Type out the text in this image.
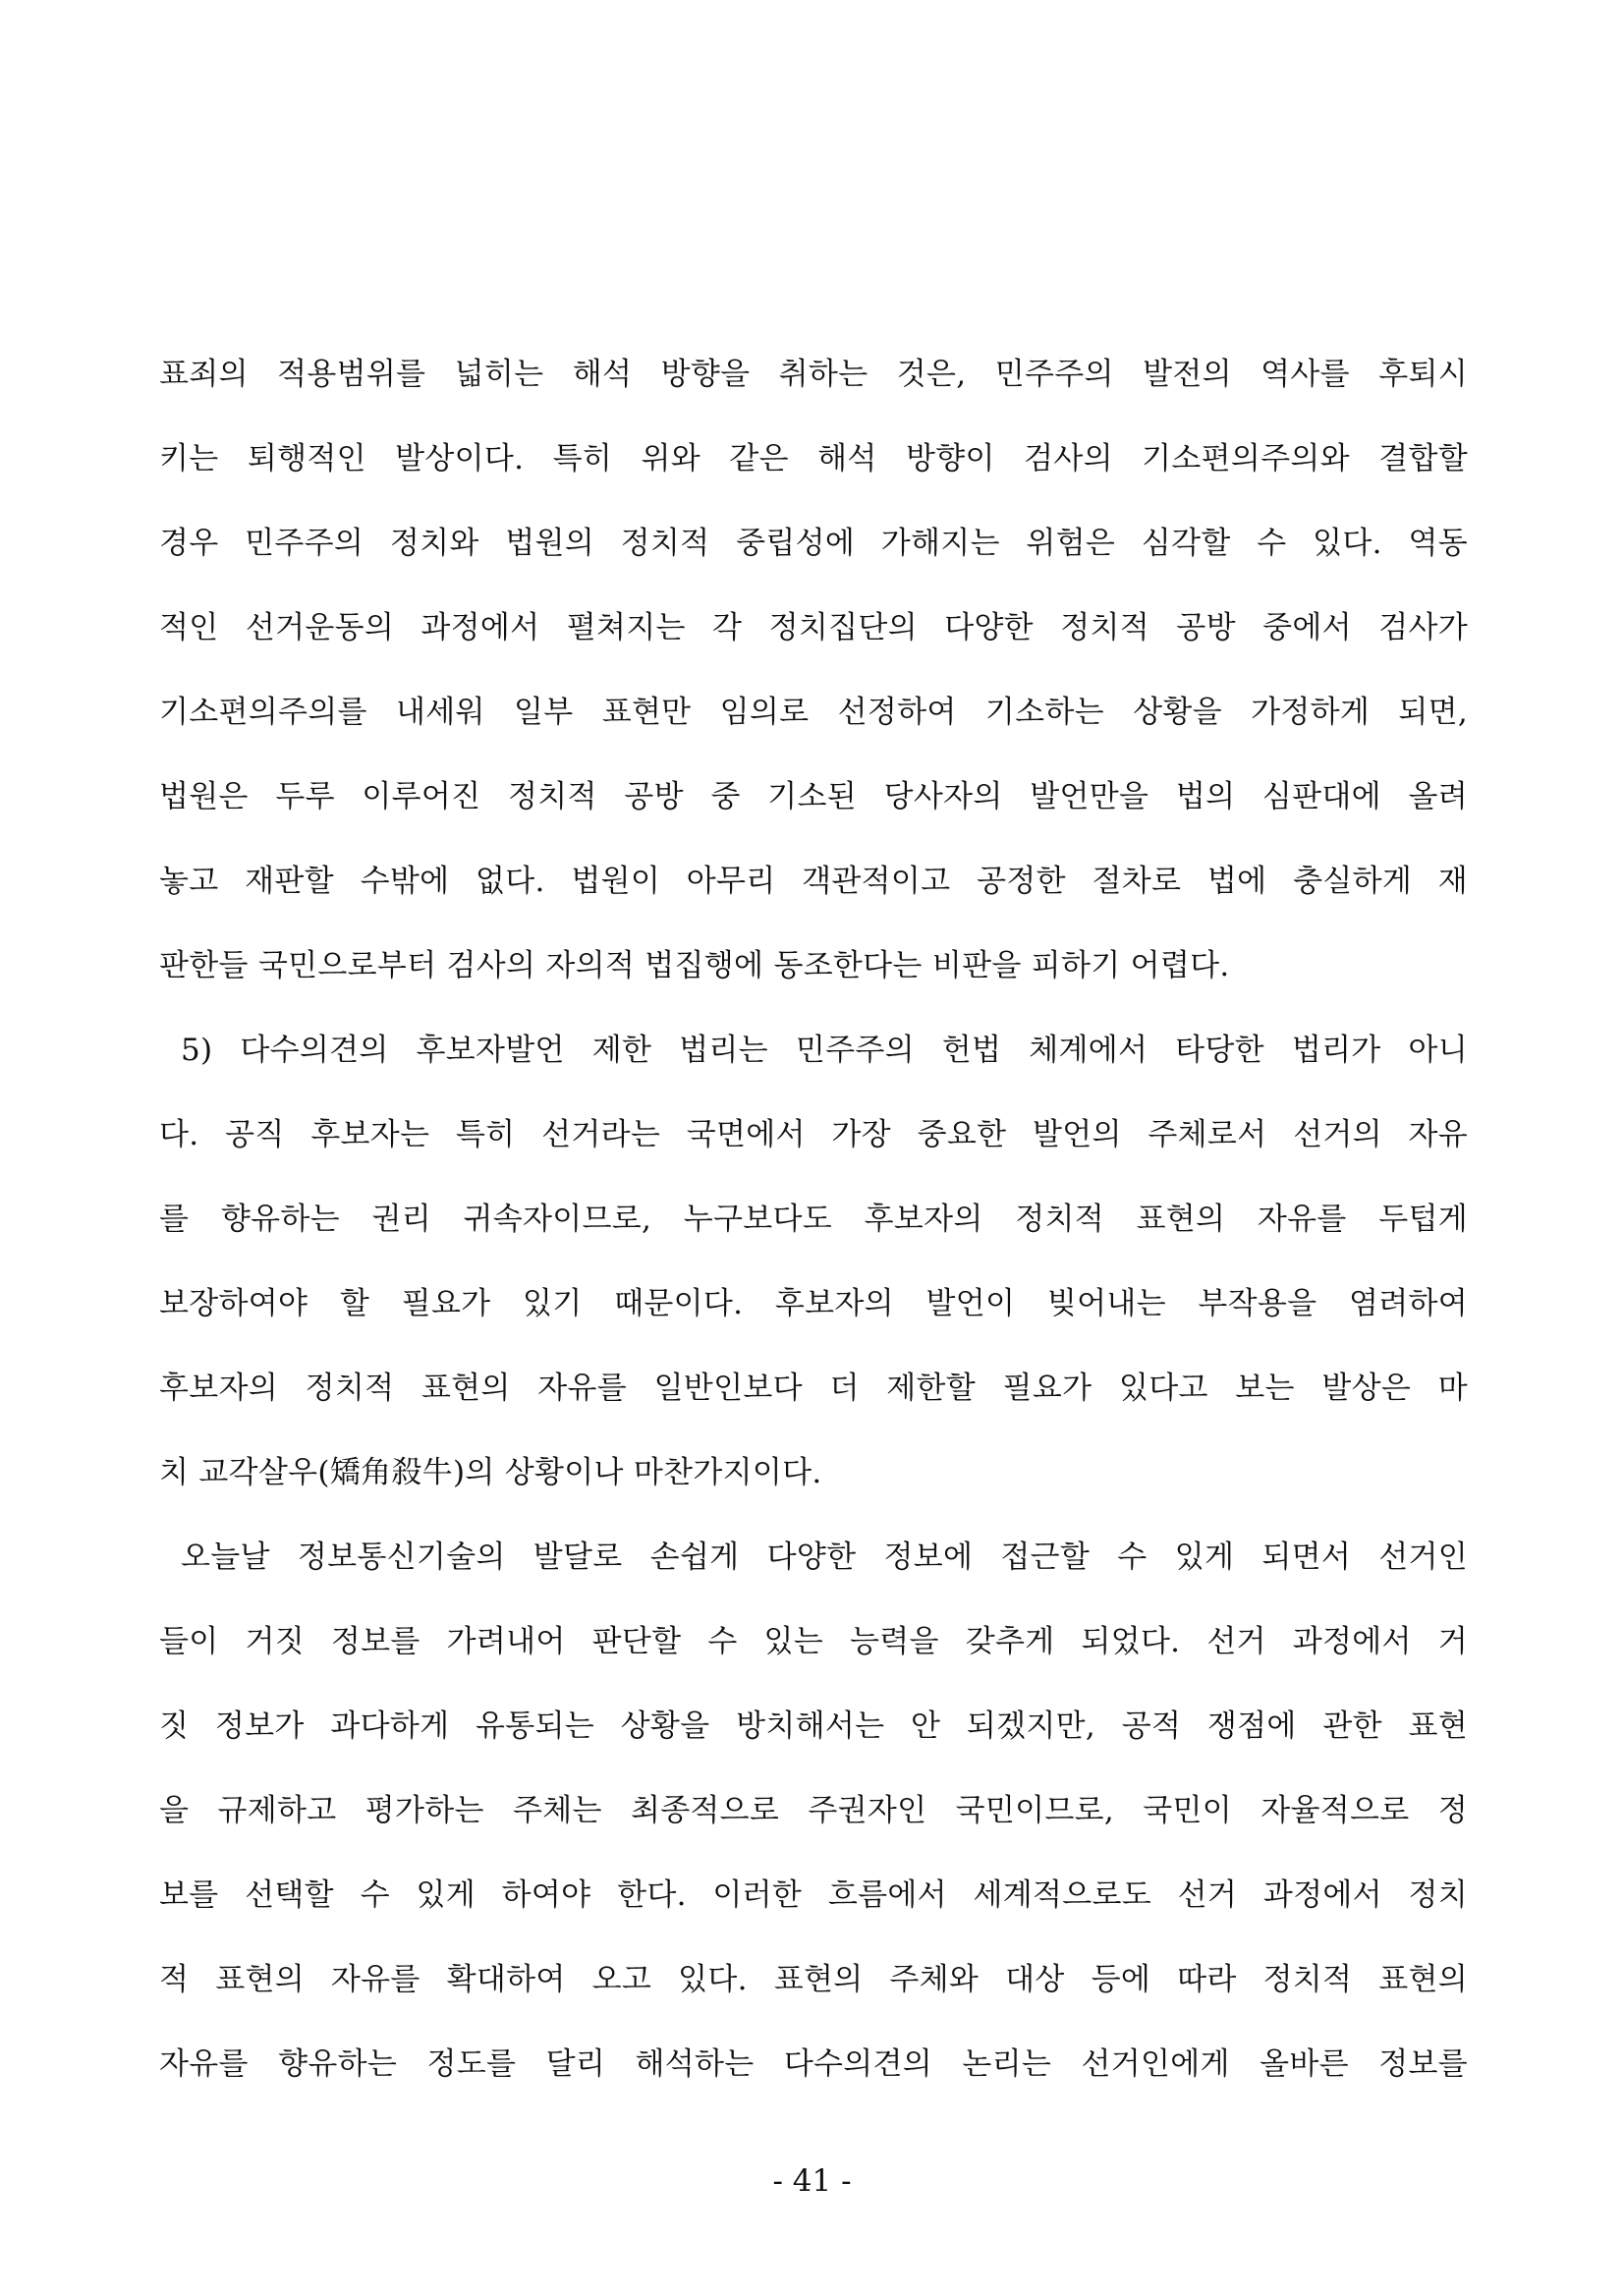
표죄의 적용범위를 넓히는 해석 방향을 취하는 것은, 민주주의 발전의 역사를 후퇴시
키는 퇴행적인 발상이다. 특히 위와 같은 해석 방향이 검사의 기소편의주의와 결합할
경우 민주주의 정치와 법원의 정치적 중립성에 가해지는 위험은 심각할 수 있다. 역동
적인 선거운동의 과정에서 펼쳐지는 각 정치집단의 다양한 정치적 공방 중에서 검사가
기소편의주의를 내세워 일부 표현만 임의로 선정하여 기소하는 상황을 가정하게 되면,
법원은 두루 이루어진 정치적 공방 중 기소된 당사자의 발언만을 법의 심판대에 올려
놓고 재판할 수밖에 없다. 법원이 아무리 객관적이고 공정한 절차로 법에 충실하게 재
판한들 국민으로부터 검사의 자의적 법집행에 동조한다는 비판을 피하기 어렵다.
5) 다수의견의 후보자발언 제한 법리는 민주주의 헌법 체계에서 타당한 법리가 아니
다. 공직 후보자는 특히 선거라는 국면에서 가장 중요한 발언의 주체로서 선거의 자유
를 향유하는 권리 귀속자이므로, 누구보다도 후보자의 정치적 표현의 자유를 두텁게
보장하여야 할 필요가 있기 때문이다. 후보자의 발언이 빚어내는 부작용을 염려하여
후보자의 정치적 표현의 자유를 일반인보다 더 제한할 필요가 있다고 보는 발상은 마
치 교각살우(矯角殺牛)의 상황이나 마찬가지이다.
오늘날 정보통신기술의 발달로 손쉽게 다양한 정보에 접근할 수 있게 되면서 선거인
들이 거짓 정보를 가려내어 판단할 수 있는 능력을 갖추게 되었다. 선거 과정에서 거
짓 정보가 과다하게 유통되는 상황을 방치해서는 안 되겠지만, 공적 쟁점에 관한 표현
을 규제하고 평가하는 주체는 최종적으로 주권자인 국민이므로, 국민이 자율적으로 정
보를 선택할 수 있게 하여야 한다. 이러한 흐름에서 세계적으로도 선거 과정에서 정치
적 표현의 자유를 확대하여 오고 있다. 표현의 주체와 대상 등에 따라 정치적 표현의
자유를 향유하는 정도를 달리 해석하는 다수의견의 논리는 선거인에게 올바른 정보를
- 41 -
